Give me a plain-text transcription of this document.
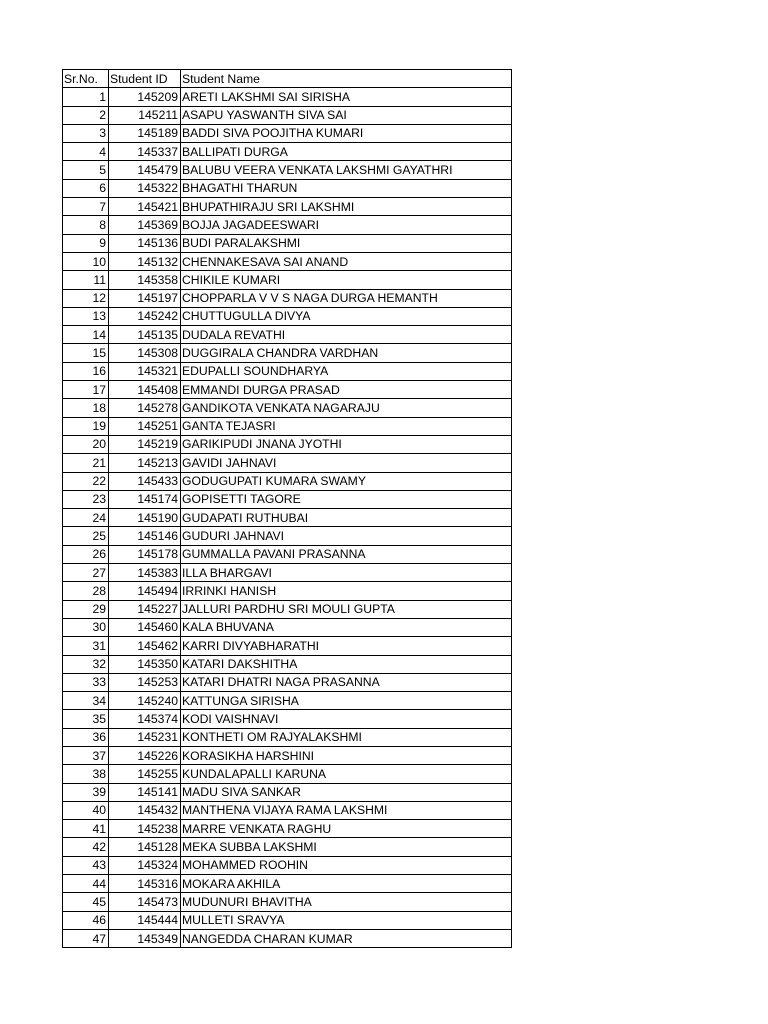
Sr.No.	Student ID	Student Name
1	145209	ARETI LAKSHMI SAI SIRISHA
2	145211	ASAPU YASWANTH SIVA SAI
3	145189	BADDI SIVA POOJITHA KUMARI
4	145337	BALLIPATI DURGA
5	145479	BALUBU VEERA VENKATA LAKSHMI GAYATHRI
6	145322	BHAGATHI THARUN
7	145421	BHUPATHIRAJU SRI LAKSHMI
8	145369	BOJJA JAGADEESWARI
9	145136	BUDI PARALAKSHMI
10	145132	CHENNAKESAVA SAI ANAND
11	145358	CHIKILE KUMARI
12	145197	CHOPPARLA V V S NAGA DURGA HEMANTH
13	145242	CHUTTUGULLA DIVYA
14	145135	DUDALA REVATHI
15	145308	DUGGIRALA CHANDRA VARDHAN
16	145321	EDUPALLI SOUNDHARYA
17	145408	EMMANDI DURGA PRASAD
18	145278	GANDIKOTA VENKATA NAGARAJU
19	145251	GANTA TEJASRI
20	145219	GARIKIPUDI JNANA JYOTHI
21	145213	GAVIDI JAHNAVI
22	145433	GODUGUPATI KUMARA SWAMY
23	145174	GOPISETTI TAGORE
24	145190	GUDAPATI RUTHUBAI
25	145146	GUDURI JAHNAVI
26	145178	GUMMALLA PAVANI PRASANNA
27	145383	ILLA BHARGAVI
28	145494	IRRINKI HANISH
29	145227	JALLURI PARDHU SRI MOULI GUPTA
30	145460	KALA BHUVANA
31	145462	KARRI DIVYABHARATHI
32	145350	KATARI DAKSHITHA
33	145253	KATARI DHATRI NAGA PRASANNA
34	145240	KATTUNGA SIRISHA
35	145374	KODI VAISHNAVI
36	145231	KONTHETI OM RAJYALAKSHMI
37	145226	KORASIKHA HARSHINI
38	145255	KUNDALAPALLI KARUNA
39	145141	MADU SIVA SANKAR
40	145432	MANTHENA VIJAYA RAMA LAKSHMI
41	145238	MARRE VENKATA RAGHU
42	145128	MEKA SUBBA LAKSHMI
43	145324	MOHAMMED ROOHIN
44	145316	MOKARA AKHILA
45	145473	MUDUNURI BHAVITHA
46	145444	MULLETI SRAVYA
47	145349	NANGEDDA CHARAN KUMAR
